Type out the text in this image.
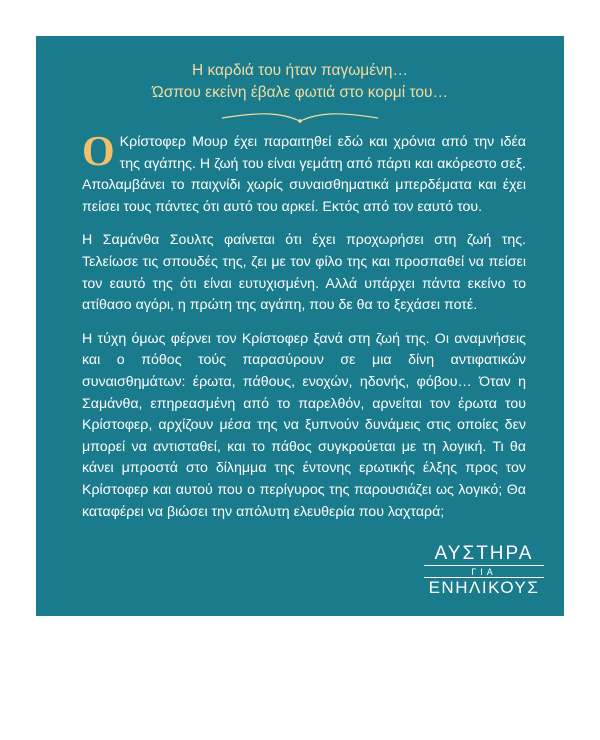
Η καρδιά του ήταν παγωμένη…
Ώσπου εκείνη έβαλε φωτιά στο κορμί του…

Ο Κρίστοφερ Μουρ έχει παραιτηθεί εδώ και χρόνια από την ιδέα της αγάπης. Η ζωή του είναι γεμάτη από πάρτι και ακόρεστο σεξ. Απολαμβάνει το παιχνίδι χωρίς συναισθηματικά μπερδέματα και έχει πείσει τους πάντες ότι αυτό του αρκεί. Εκτός από τον εαυτό του.

Η Σαμάνθα Σουλτς φαίνεται ότι έχει προχωρήσει στη ζωή της. Τελείωσε τις σπουδές της, ζει με τον φίλο της και προσπαθεί να πείσει τον εαυτό της ότι είναι ευτυχισμένη. Αλλά υπάρχει πάντα εκείνο το ατίθασο αγόρι, η πρώτη της αγάπη, που δε θα το ξεχάσει ποτέ.

Η τύχη όμως φέρνει τον Κρίστοφερ ξανά στη ζωή της. Οι αναμνήσεις και ο πόθος τούς παρασύρουν σε μια δίνη αντιφατικών συναισθημάτων: έρωτα, πάθους, ενοχών, ηδονής, φόβου… Όταν η Σαμάνθα, επηρεασμένη από το παρελθόν, αρνείται τον έρωτα του Κρίστοφερ, αρχίζουν μέσα της να ξυπνούν δυνάμεις στις οποίες δεν μπορεί να αντισταθεί, και το πάθος συγκρούεται με τη λογική. Τι θα κάνει μπροστά στο δίλημμα της έντονης ερωτικής έλξης προς τον Κρίστοφερ και αυτού που ο περίγυρος της παρουσιάζει ως λογικό; Θα καταφέρει να βιώσει την απόλυτη ελευθερία που λαχταρά;

ΑΥΣΤΗΡΑ
ΓΙΑ
ΕΝΗΛΙΚΟΥΣ
